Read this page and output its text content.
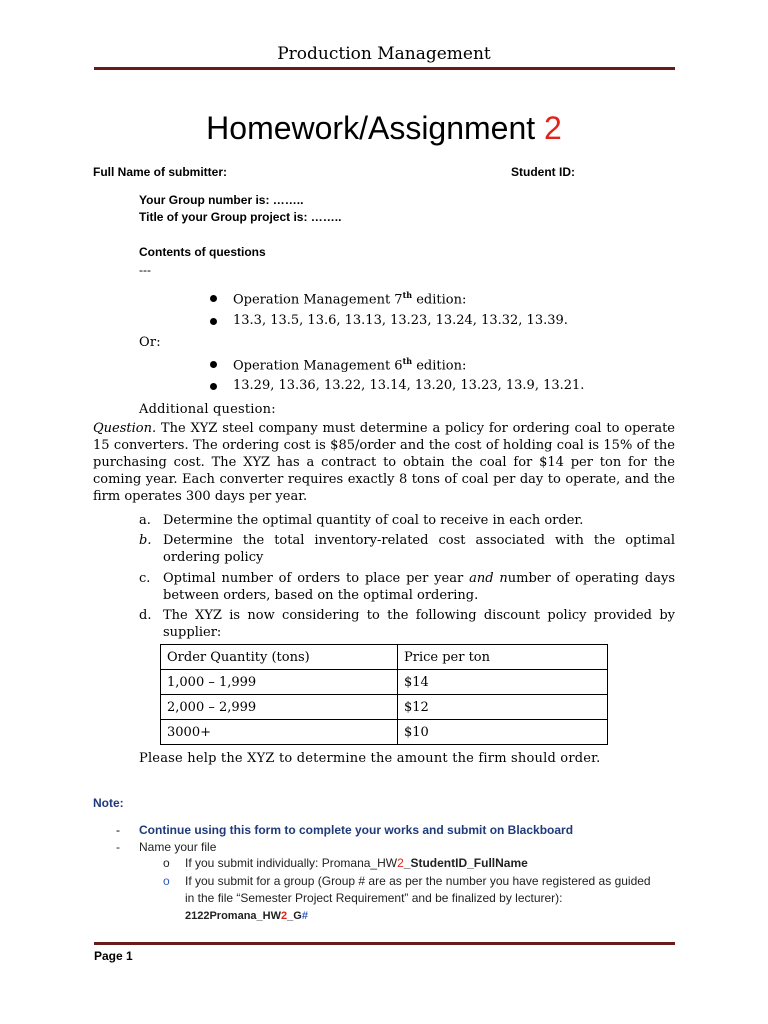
Production Management
Homework/Assignment 2
Full Name of submitter:	Student ID:
Your Group number is: ……..
Title of your Group project is: ……..
Contents of questions
---
Operation Management 7th edition:
13.3, 13.5, 13.6, 13.13, 13.23, 13.24, 13.32, 13.39.
Or:
Operation Management 6th edition:
13.29, 13.36, 13.22, 13.14, 13.20, 13.23, 13.9, 13.21.
Additional question:
Question. The XYZ steel company must determine a policy for ordering coal to operate 15 converters. The ordering cost is $85/order and the cost of holding coal is 15% of the purchasing cost. The XYZ has a contract to obtain the coal for $14 per ton for the coming year. Each converter requires exactly 8 tons of coal per day to operate, and the firm operates 300 days per year.
a. Determine the optimal quantity of coal to receive in each order.
b. Determine the total inventory-related cost associated with the optimal ordering policy
c. Optimal number of orders to place per year and number of operating days between orders, based on the optimal ordering.
d. The XYZ is now considering to the following discount policy provided by supplier:
Order Quantity (tons)	Price per ton
1,000 – 1,999	$14
2,000 – 2,999	$12
3000+	$10
Please help the XYZ to determine the amount the firm should order.
Note:
- Continue using this form to complete your works and submit on Blackboard
- Name your file
o If you submit individually: Promana_HW2_StudentID_FullName
o If you submit for a group (Group # are as per the number you have registered as guided in the file “Semester Project Requirement” and be finalized by lecturer):
2122Promana_HW2_G#
Page 1
